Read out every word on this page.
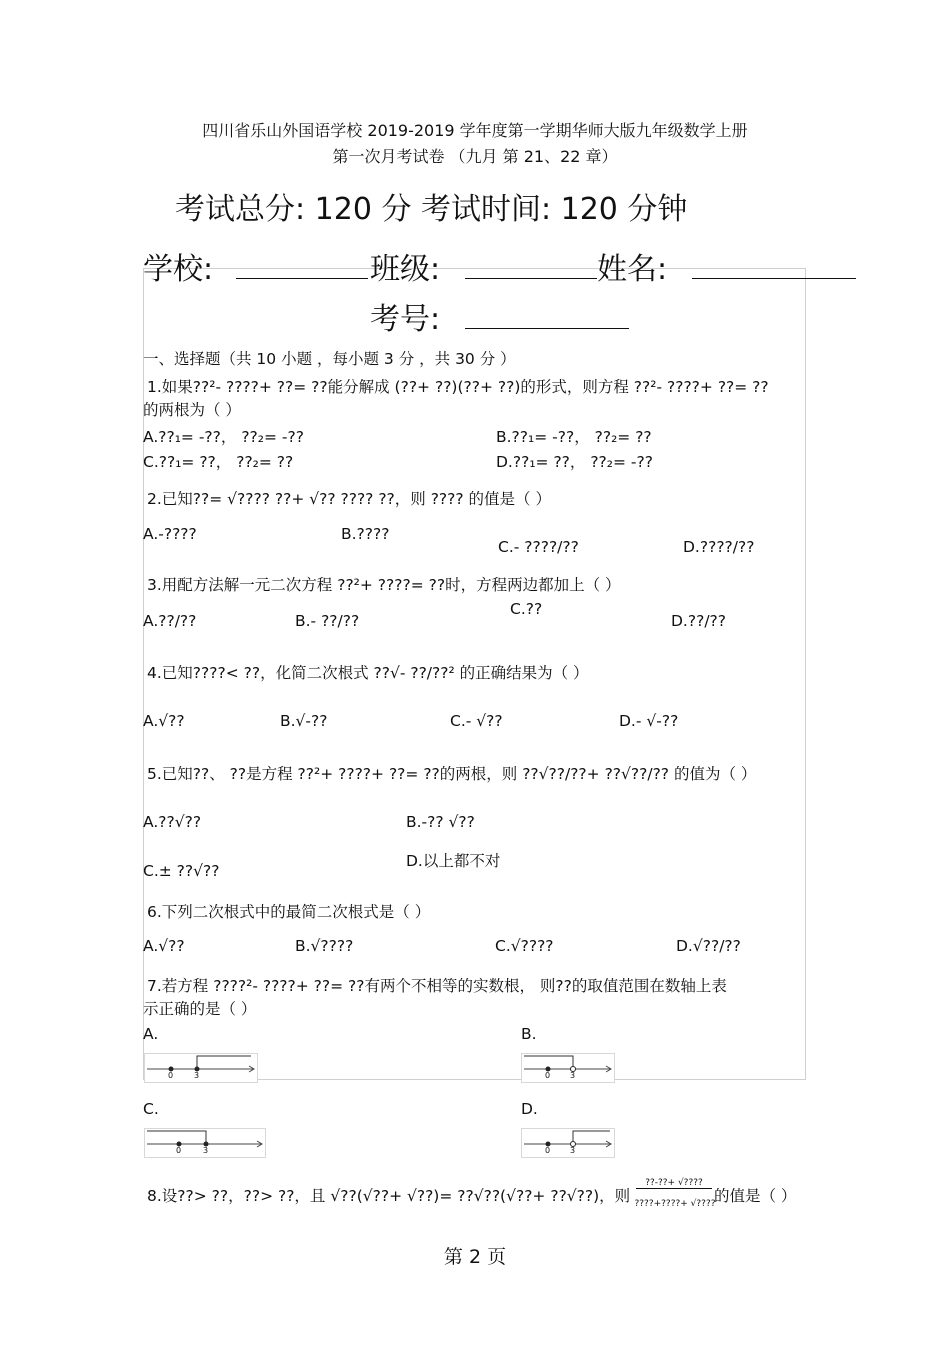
四川省乐山外国语学校 2019-2019 学年度第一学期华师大版九年级数学上册
第一次月考试卷 （九月 第 21、22 章）
考试总分: 120 分 考试时间: 120 分钟
学校:	班级:	姓名:
考号:
一、选择题（共 10 小题 ，每小题 3 分 ，共 30 分 ）
1.如果??²- ????+ ??= ??能分解成 (??+ ??)(??+ ??)的形式，则方程 ??²- ????+ ??= ??
的两根为（ ）
A.??₁= -??， ??₂= -??	B.??₁= -??， ??₂= ??
C.??₁= ??， ??₂= ??	D.??₁= ??， ??₂= -??
2.已知??= √???? ??+ √?? ???? ??，则 ???? 的值是（ ）
A.-????	B.????
C.- ????/??	D.????/??
3.用配方法解一元二次方程 ??²+ ????= ??时，方程两边都加上（ ）
A.??/??	B.- ??/??
C.??
D.??/??
4.已知????< ??，化简二次根式 ??√- ??/??² 的正确结果为（ ）
A.√??	B.√-??	C.- √??	D.- √-??
5.已知??、 ??是方程 ??²+ ????+ ??= ??的两根，则 ??√??/??+ ??√??/?? 的值为（ ）
A.??√??	B.-?? √??
C.± ??√??
D.以上都不对
6.下列二次根式中的最简二次根式是（ ）
A.√??	B.√????	C.√????	D.√??/??
7.若方程 ????²- ????+ ??= ??有两个不相等的实数根， 则??的取值范围在数轴上表
示正确的是（ ）
A.	B.
C.	D.
0	3	0 3
0	3	0 3
8.设??> ??，??> ??，且 √??(√??+ √??)= ??√??(√??+ ??√??)，则
??-??+ √????
????+????+ √????
的值是（ ）
第 2 页
